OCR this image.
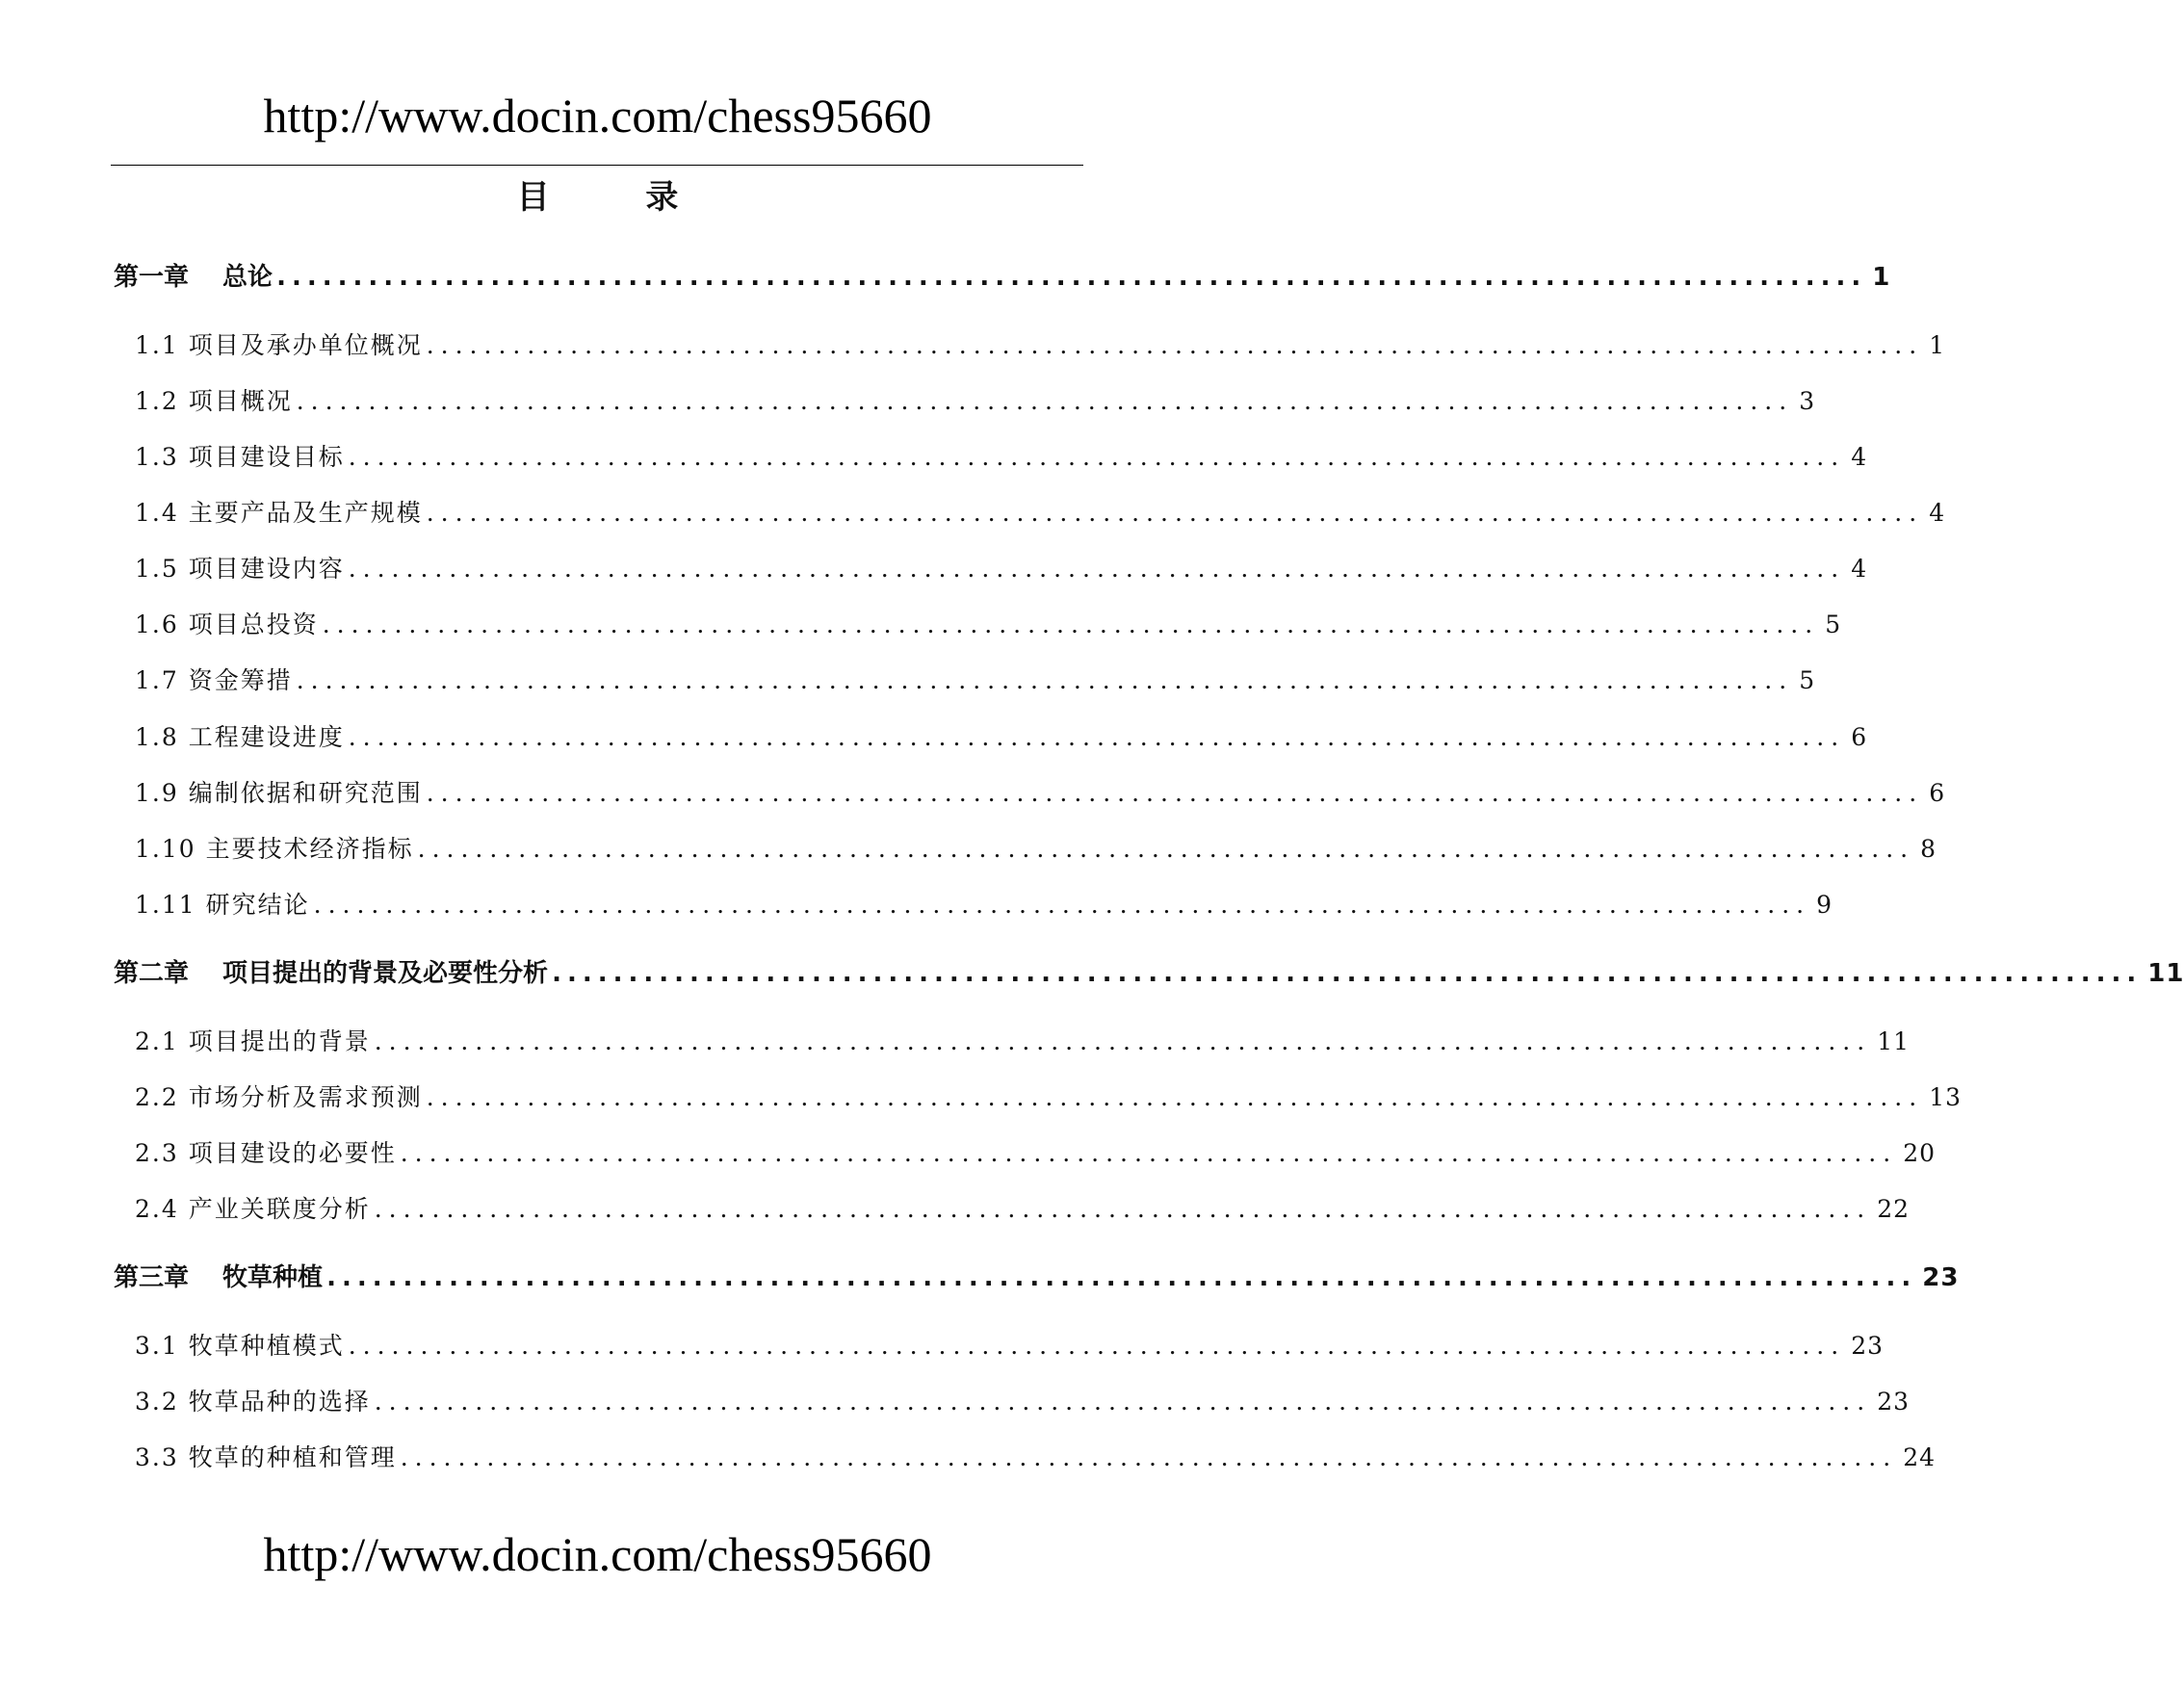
http://www.docin.com/chess95660
目 录
第一章　 总论 ........................................................................................................ 1
1.1 项目及承办单位概况 ........................................................................................................ 1
1.2 项目概况 ........................................................................................................ 3
1.3 项目建设目标 ........................................................................................................ 4
1.4 主要产品及生产规模 ........................................................................................................ 4
1.5 项目建设内容 ........................................................................................................ 4
1.6 项目总投资 ........................................................................................................ 5
1.7 资金筹措 ........................................................................................................ 5
1.8 工程建设进度 ........................................................................................................ 6
1.9 编制依据和研究范围 ........................................................................................................ 6
1.10 主要技术经济指标 ........................................................................................................ 8
1.11 研究结论 ........................................................................................................ 9
第二章　 项目提出的背景及必要性分析 ........................................................................................................ 11
2.1 项目提出的背景 ........................................................................................................ 11
2.2 市场分析及需求预测 ........................................................................................................ 13
2.3 项目建设的必要性 ........................................................................................................ 20
2.4 产业关联度分析 ........................................................................................................ 22
第三章　 牧草种植 ........................................................................................................ 23
3.1 牧草种植模式 ........................................................................................................ 23
3.2 牧草品种的选择 ........................................................................................................ 23
3.3 牧草的种植和管理 ........................................................................................................ 24
http://www.docin.com/chess95660
